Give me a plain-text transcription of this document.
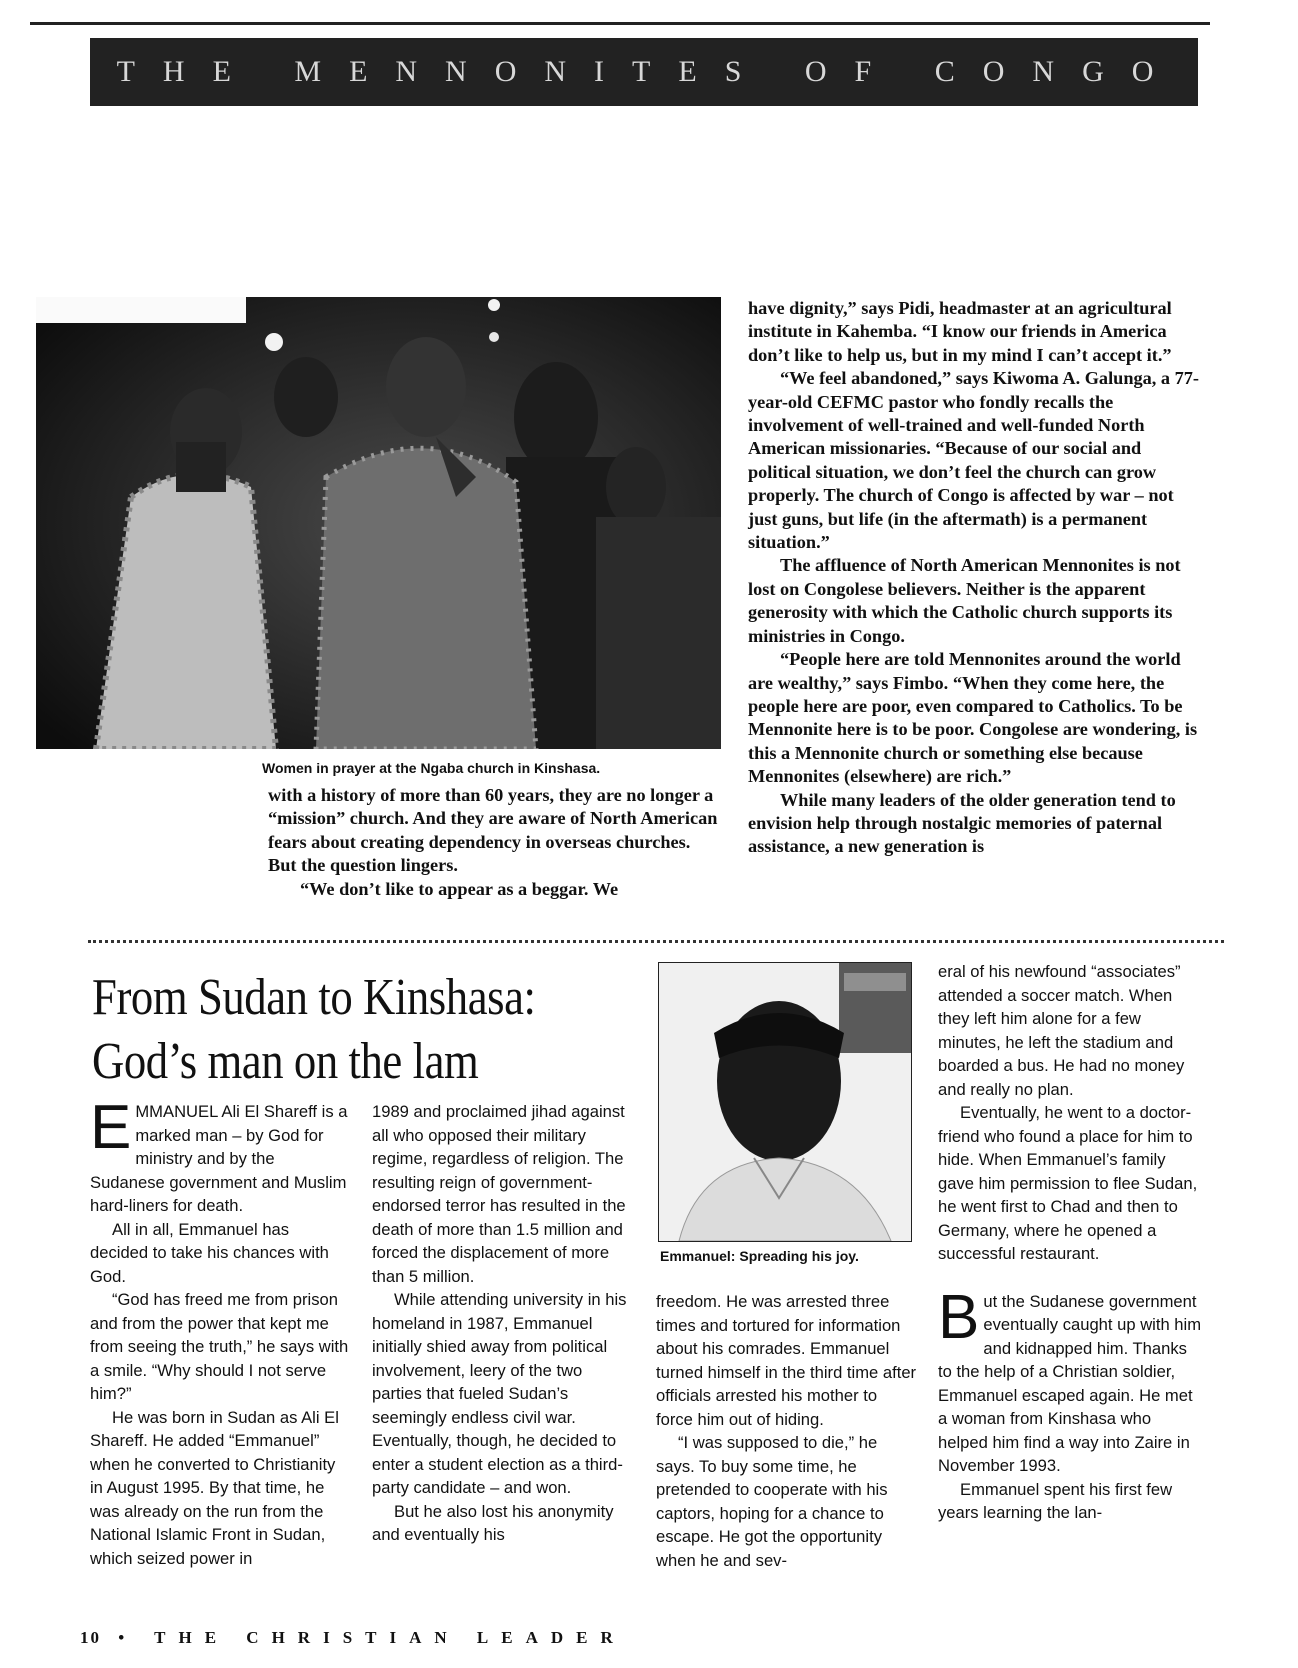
THE MENNONITES OF CONGO
Women in prayer at the Ngaba church in Kinshasa.

with a history of more than 60 years, they are no longer a “mission” church. And they are aware of North American fears about creating dependency in overseas churches. But the question lingers.

“We don’t like to appear as a beggar. We

have dignity,” says Pidi, headmaster at an agricultural institute in Kahemba. “I know our friends in America don’t like to help us, but in my mind I can’t accept it.”

“We feel abandoned,” says Kiwoma A. Galunga, a 77-year-old CEFMC pastor who fondly recalls the involvement of well-trained and well-funded North American missionaries. “Because of our social and political situation, we don’t feel the church can grow properly. The church of Congo is affected by war – not just guns, but life (in the aftermath) is a permanent situation.”

The affluence of North American Mennonites is not lost on Congolese believers. Neither is the apparent generosity with which the Catholic church supports its ministries in Congo.

“People here are told Mennonites around the world are wealthy,” says Fimbo. “When they come here, the people here are poor, even compared to Catholics. To be Mennonite here is to be poor. Congolese are wondering, is this a Mennonite church or something else because Mennonites (elsewhere) are rich.”

While many leaders of the older generation tend to envision help through nostalgic memories of paternal assistance, a new generation is

From Sudan to Kinshasa:
God’s man on the lam

EMMANUEL Ali El Shareff is a marked man – by God for ministry and by the Sudanese government and Muslim hard-liners for death.

All in all, Emmanuel has decided to take his chances with God.

“God has freed me from prison and from the power that kept me from seeing the truth,” he says with a smile. “Why should I not serve him?”

He was born in Sudan as Ali El Shareff. He added “Emmanuel” when he converted to Christianity in August 1995. By that time, he was already on the run from the National Islamic Front in Sudan, which seized power in

1989 and proclaimed jihad against all who opposed their military regime, regardless of religion. The resulting reign of government-endorsed terror has resulted in the death of more than 1.5 million and forced the displacement of more than 5 million.

While attending university in his homeland in 1987, Emmanuel initially shied away from political involvement, leery of the two parties that fueled Sudan’s seemingly endless civil war. Eventually, though, he decided to enter a student election as a third-party candidate – and won.

But he also lost his anonymity and eventually his

Emmanuel: Spreading his joy.

freedom. He was arrested three times and tortured for information about his comrades. Emmanuel turned himself in the third time after officials arrested his mother to force him out of hiding.

“I was supposed to die,” he says. To buy some time, he pretended to cooperate with his captors, hoping for a chance to escape. He got the opportunity when he and sev-

eral of his newfound “associates” attended a soccer match. When they left him alone for a few minutes, he left the stadium and boarded a bus. He had no money and really no plan.

Eventually, he went to a doctor-friend who found a place for him to hide. When Emmanuel’s family gave him permission to flee Sudan, he went first to Chad and then to Germany, where he opened a successful restaurant.

But the Sudanese government eventually caught up with him and kidnapped him. Thanks to the help of a Christian soldier, Emmanuel escaped again. He met a woman from Kinshasa who helped him find a way into Zaire in November 1993.

Emmanuel spent his first few years learning the lan-

10 • THE CHRISTIAN LEADER
